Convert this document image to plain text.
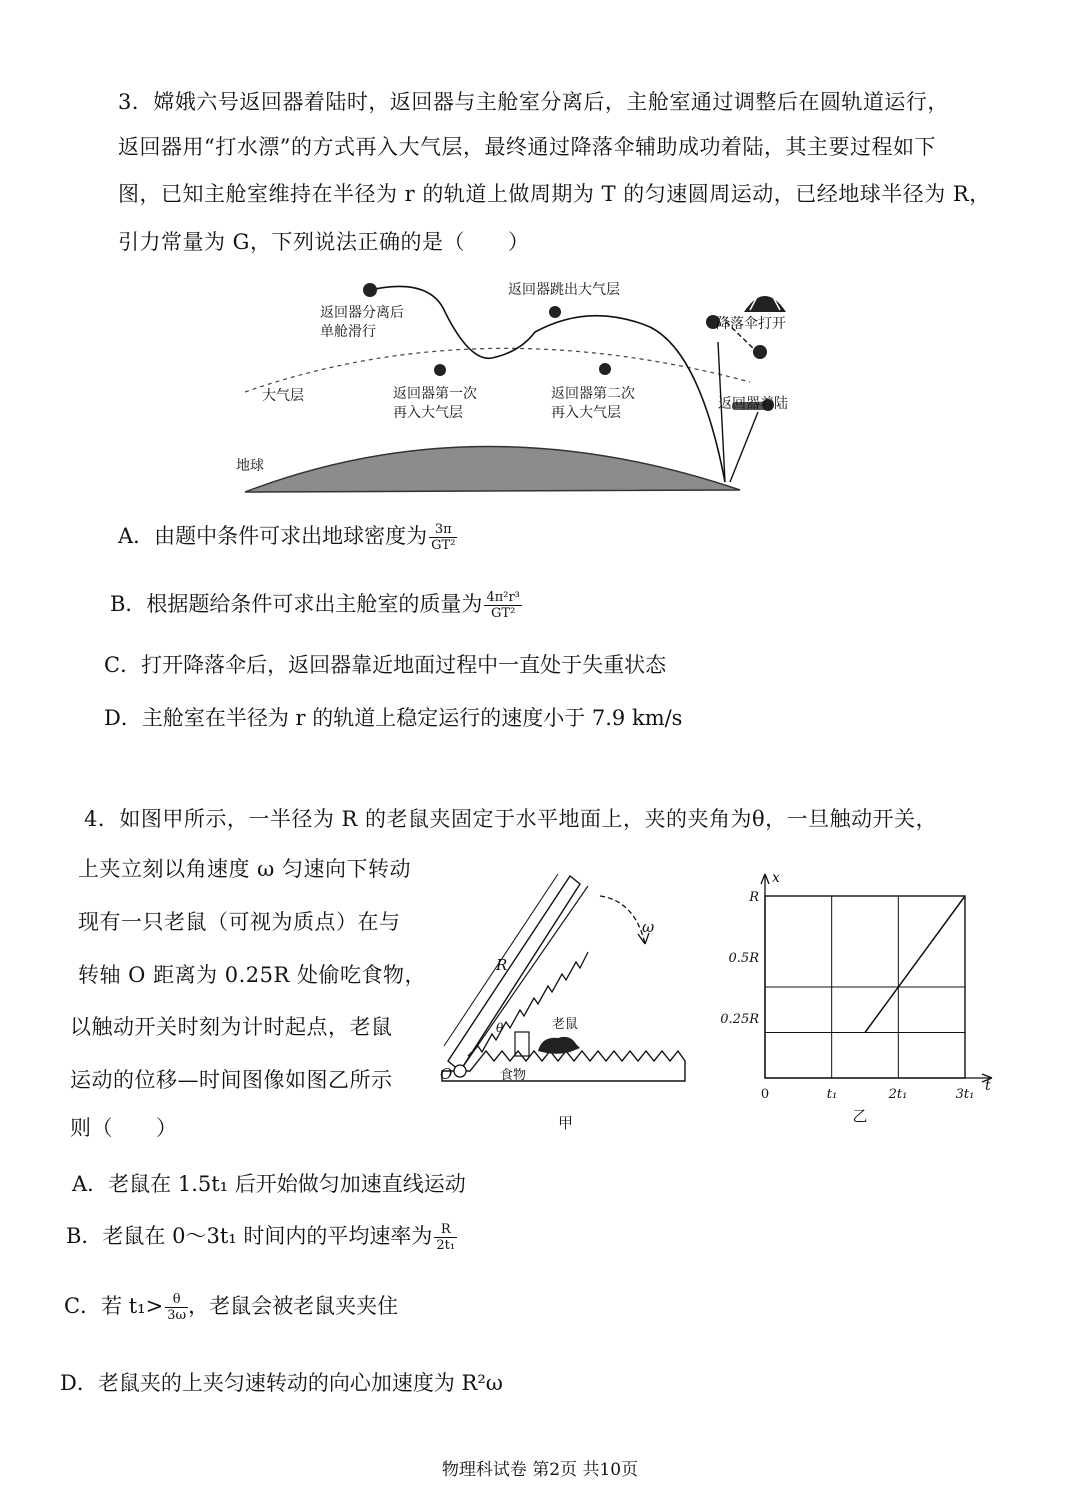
3．嫦娥六号返回器着陆时，返回器与主舱室分离后，主舱室通过调整后在圆轨道运行，
返回器用“打水漂”的方式再入大气层，最终通过降落伞辅助成功着陆，其主要过程如下
图，已知主舱室维持在半径为 r 的轨道上做周期为 T 的匀速圆周运动，已经地球半径为 R，
引力常量为 G，下列说法正确的是（　　）
返回器分离后
单舱滑行
返回器跳出大气层
降落伞打开
大气层	返回器第一次
再入大气层
返回器第二次
再入大气层
返回器着陆
地球
A．由题中条件可求出地球密度为 $\frac{3\pi}{\text{GT²}}$
B．根据题给条件可求出主舱室的质量为 $\frac{\text{4π²r³}}{\text{GT²}}$
C．打开降落伞后，返回器靠近地面过程中一直处于失重状态
D．主舱室在半径为 r 的轨道上稳定运行的速度小于 7.9 km/s
4．如图甲所示，一半径为 R 的老鼠夹固定于水平地面上，夹的夹角为θ，一旦触动开关，
上夹立刻以角速度 ω 匀速向下转动
现有一只老鼠（可视为质点）在与
转轴 O 距离为 0.25R 处偷吃食物，
以触动开关时刻为计时起点，老鼠
运动的位移—时间图像如图乙所示
则（　　）
R
ω
θ	老鼠
食物
O
甲
x
t
R
0.5R
0.25R
0	t₁	2t₁	3t₁
乙
A．老鼠在 1.5t₁ 后开始做匀加速直线运动
B．老鼠在 0～3t₁ 时间内的平均速率为 $\frac{R}{\text{2t₁}}$
C．若 $t_1> \frac{\theta}{3\omega}$ ，老鼠会被老鼠夹夹住
D．老鼠夹的上夹匀速转动的向心加速度为 R²ω
物理科试卷 第2页 共10页
